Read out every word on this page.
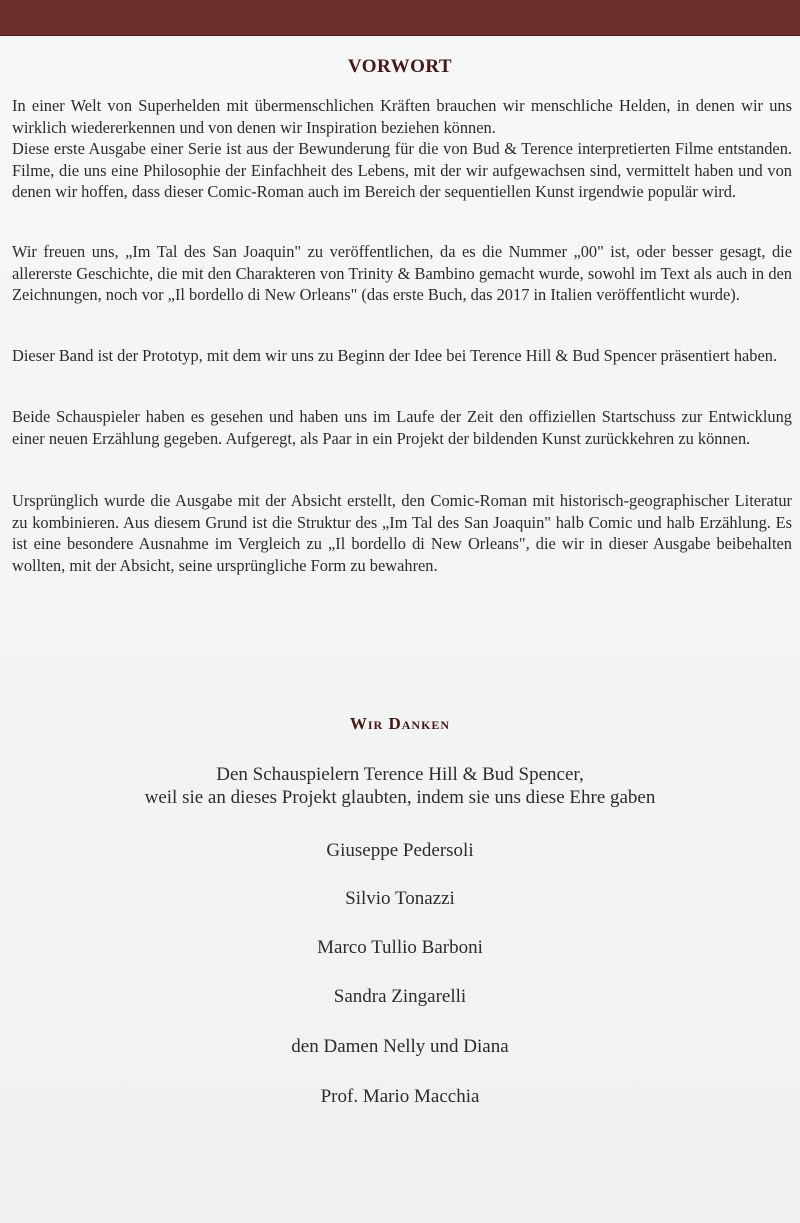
VORWORT

In einer Welt von Superhelden mit übermenschlichen Kräften brauchen wir menschliche Helden, in denen wir uns wirklich wiedererkennen und von denen wir Inspiration beziehen können.

Diese erste Ausgabe einer Serie ist aus der Bewunderung für die von Bud & Terence interpretierten Filme entstanden. Filme, die uns eine Philosophie der Einfachheit des Lebens, mit der wir aufgewachsen sind, vermittelt haben und von denen wir hoffen, dass dieser Comic-Roman auch im Bereich der sequentiellen Kunst irgendwie populär wird.

Wir freuen uns, „Im Tal des San Joaquin" zu veröffentlichen, da es die Nummer „00" ist, oder besser gesagt, die allererste Geschichte, die mit den Charakteren von Trinity & Bambino gemacht wurde, sowohl im Text als auch in den Zeichnungen, noch vor „Il bordello di New Orleans" (das erste Buch, das 2017 in Italien veröffentlicht wurde).

Dieser Band ist der Prototyp, mit dem wir uns zu Beginn der Idee bei Terence Hill & Bud Spencer präsentiert haben.

Beide Schauspieler haben es gesehen und haben uns im Laufe der Zeit den offiziellen Startschuss zur Entwicklung einer neuen Erzählung gegeben. Aufgeregt, als Paar in ein Projekt der bildenden Kunst zurückkehren zu können.

Ursprünglich wurde die Ausgabe mit der Absicht erstellt, den Comic-Roman mit historisch-geographischer Literatur zu kombinieren. Aus diesem Grund ist die Struktur des „Im Tal des San Joaquin" halb Comic und halb Erzählung. Es ist eine besondere Ausnahme im Vergleich zu „Il bordello di New Orleans", die wir in dieser Ausgabe beibehalten wollten, mit der Absicht, seine ursprüngliche Form zu bewahren.

Wir Danken
Den Schauspielern Terence Hill & Bud Spencer,
weil sie an dieses Projekt glaubten, indem sie uns diese Ehre gaben
Giuseppe Pedersoli
Silvio Tonazzi
Marco Tullio Barboni
Sandra Zingarelli
den Damen Nelly und Diana
Prof. Mario Macchia
